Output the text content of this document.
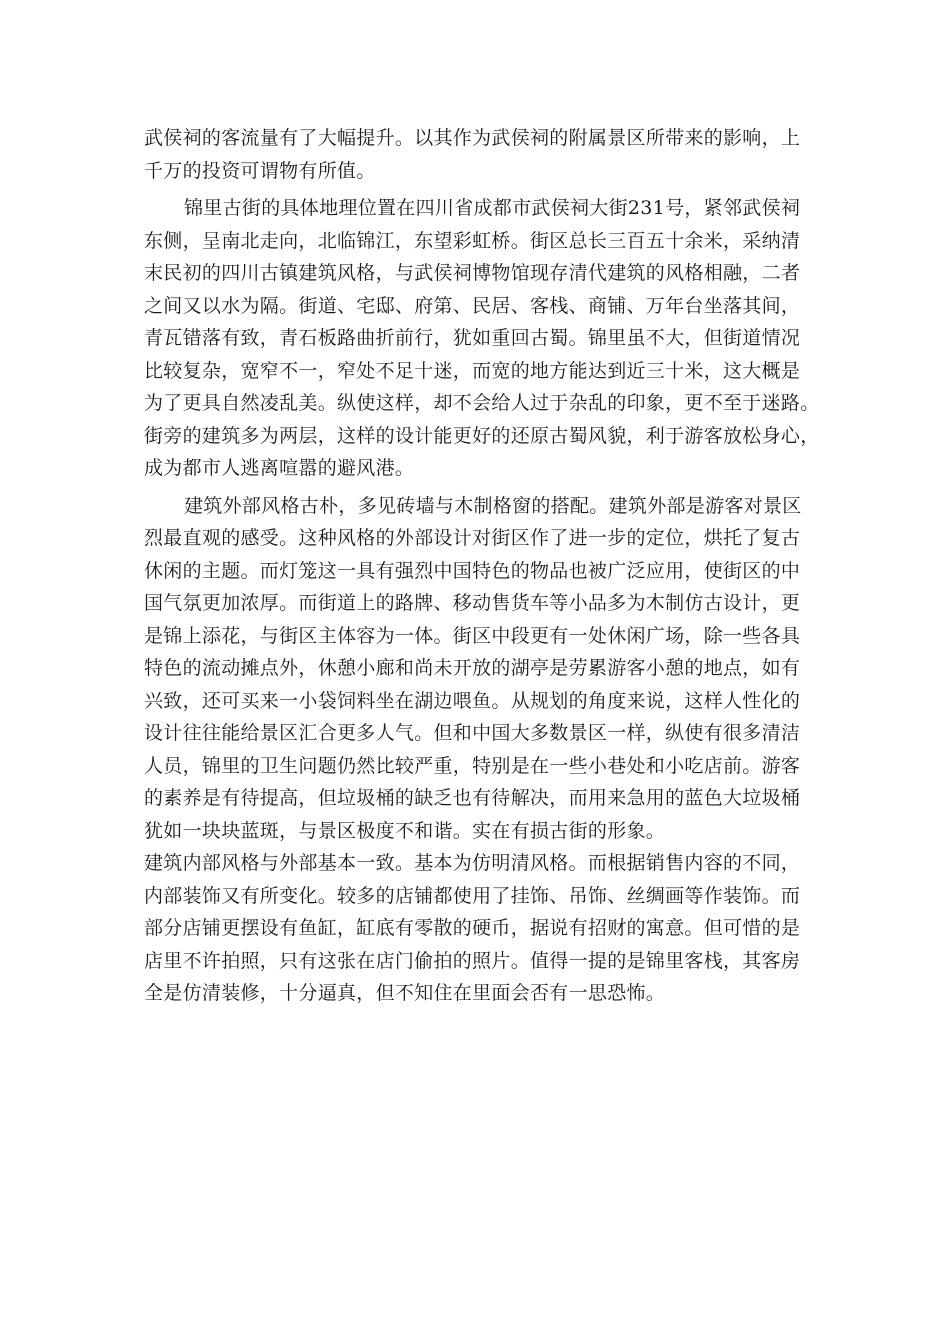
武侯祠的客流量有了大幅提升。以其作为武侯祠的附属景区所带来的影响，上
千万的投资可谓物有所值。
锦里古街的具体地理位置在四川省成都市武侯祠大街231号，紧邻武侯祠
东侧，呈南北走向，北临锦江，东望彩虹桥。街区总长三百五十余米，采纳清
末民初的四川古镇建筑风格，与武侯祠博物馆现存清代建筑的风格相融，二者
之间又以水为隔。街道、宅邸、府第、民居、客栈、商铺、万年台坐落其间，
青瓦错落有致，青石板路曲折前行，犹如重回古蜀。锦里虽不大，但街道情况
比较复杂，宽窄不一，窄处不足十迷，而宽的地方能达到近三十米，这大概是
为了更具自然凌乱美。纵使这样，却不会给人过于杂乱的印象，更不至于迷路。
街旁的建筑多为两层，这样的设计能更好的还原古蜀风貌，利于游客放松身心，
成为都市人逃离喧嚣的避风港。
建筑外部风格古朴，多见砖墙与木制格窗的搭配。建筑外部是游客对景区
烈最直观的感受。这种风格的外部设计对街区作了进一步的定位，烘托了复古
休闲的主题。而灯笼这一具有强烈中国特色的物品也被广泛应用，使街区的中
国气氛更加浓厚。而街道上的路牌、移动售货车等小品多为木制仿古设计，更
是锦上添花，与街区主体容为一体。街区中段更有一处休闲广场，除一些各具
特色的流动摊点外，休憩小廊和尚未开放的湖亭是劳累游客小憩的地点，如有
兴致，还可买来一小袋饲料坐在湖边喂鱼。从规划的角度来说，这样人性化的
设计往往能给景区汇合更多人气。但和中国大多数景区一样，纵使有很多清洁
人员，锦里的卫生问题仍然比较严重，特别是在一些小巷处和小吃店前。游客
的素养是有待提高，但垃圾桶的缺乏也有待解决，而用来急用的蓝色大垃圾桶
犹如一块块蓝斑，与景区极度不和谐。实在有损古街的形象。
建筑内部风格与外部基本一致。基本为仿明清风格。而根据销售内容的不同，
内部装饰又有所变化。较多的店铺都使用了挂饰、吊饰、丝绸画等作装饰。而
部分店铺更摆设有鱼缸，缸底有零散的硬币，据说有招财的寓意。但可惜的是
店里不许拍照，只有这张在店门偷拍的照片。值得一提的是锦里客栈，其客房
全是仿清装修，十分逼真，但不知住在里面会否有一思恐怖。
